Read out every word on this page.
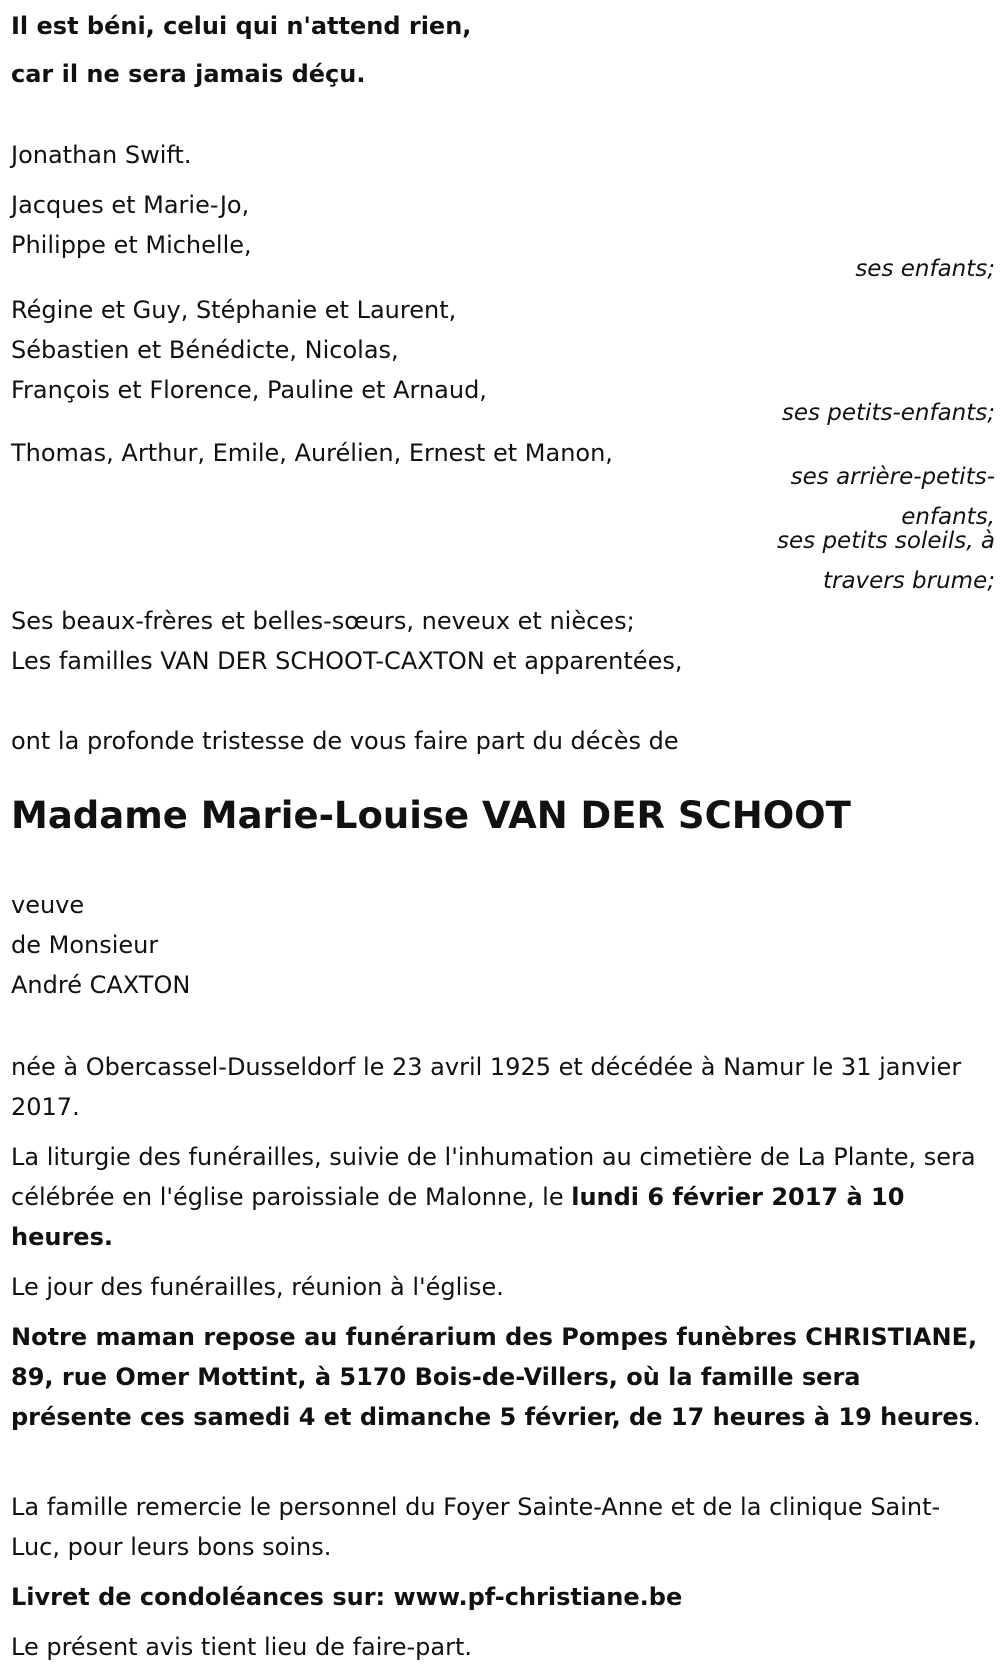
Il est béni, celui qui n'attend rien,

car il ne sera jamais déçu.

Jonathan Swift.

Jacques et Marie-Jo,

Philippe et Michelle,

ses enfants;

Régine et Guy, Stéphanie et Laurent,

Sébastien et Bénédicte, Nicolas,

François et Florence, Pauline et Arnaud,

ses petits-enfants;

Thomas, Arthur, Emile, Aurélien, Ernest et Manon,

ses arrière-petits-

enfants,

ses petits soleils, à

travers brume;

Ses beaux-frères et belles-sœurs, neveux et nièces;

Les familles VAN DER SCHOOT-CAXTON et apparentées,

ont la profonde tristesse de vous faire part du décès de

Madame Marie-Louise VAN DER SCHOOT

veuve

de Monsieur

André CAXTON

née à Obercassel-Dusseldorf le 23 avril 1925 et décédée à Namur le 31 janvier 2017.

La liturgie des funérailles, suivie de l'inhumation au cimetière de La Plante, sera célébrée en l'église paroissiale de Malonne, le lundi 6 février 2017 à 10 heures.

Le jour des funérailles, réunion à l'église.

Notre maman repose au funérarium des Pompes funèbres CHRISTIANE, 89, rue Omer Mottint, à 5170 Bois-de-Villers, où la famille sera présente ces samedi 4 et dimanche 5 février, de 17 heures à 19 heures.

La famille remercie le personnel du Foyer Sainte-Anne et de la clinique Saint-Luc, pour leurs bons soins.

Livret de condoléances sur: www.pf-christiane.be

Le présent avis tient lieu de faire-part.
